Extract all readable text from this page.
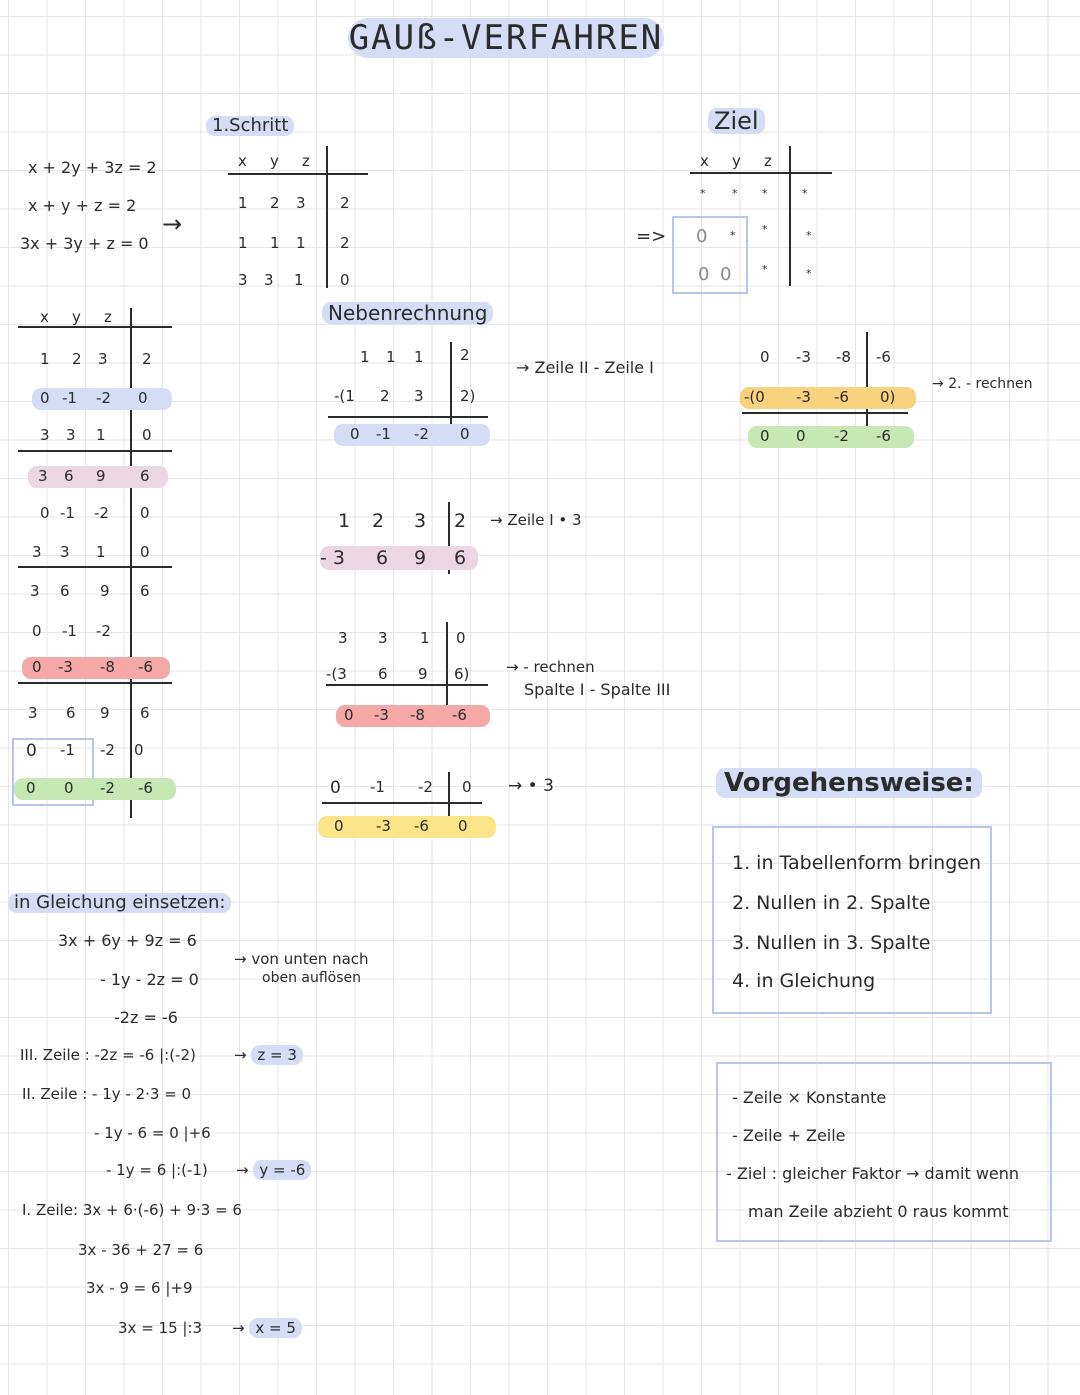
GAUß-VERFAHREN
x + 2y + 3z = 2
x + y + z = 2
3x + 3y + z = 0
→
1.Schritt
x y z
1 2 3 2
1 1 1 2
3 3 1 0
=>
Ziel
x y z
* * *	*
0 * *	*
0 0	*	*
x y z
1 2 3 2
0 -1 -2 0
3 3 1 0
3 6 9 6
0 -1 -2 0
3 3 1 0
3 6 9 6
0 -1 -2
0 -3 -8 -6
3 6 9 6
0 -1 -2 0
0 0 -2 -6
Nebenrechnung
1 1 1 2
-(1 2 3 2)
0 -1 -2 0
→ Zeile II - Zeile I
1 2 3 2
- 3 6 9 6
→ Zeile I • 3
3 3 1 0
-(3 6 9 6)
0 -3 -8 -6
→ - rechnen
Spalte I - Spalte III
0 -1 -2 0
0 -3 -6 0
→ • 3
0 -3 -8 -6
-(0 -3 -6 0)
0 0 -2 -6
→ 2. - rechnen
Vorgehensweise:
1. in Tabellenform bringen
2. Nullen in 2. Spalte
3. Nullen in 3. Spalte
4. in Gleichung
- Zeile × Konstante
- Zeile + Zeile
- Ziel : gleicher Faktor → damit wenn
man Zeile abzieht 0 raus kommt
in Gleichung einsetzen:
3x + 6y + 9z = 6
- 1y - 2z = 0
-2z = -6
→ von unten nach
oben auflösen
III. Zeile : -2z = -6 |:(-2)	→ z = 3
II. Zeile : - 1y - 2·3 = 0
- 1y - 6 = 0 |+6
- 1y = 6 |:(-1) → y = -6
I. Zeile: 3x + 6·(-6) + 9·3 = 6
3x - 36 + 27 = 6
3x - 9 = 6 |+9
3x = 15 |:3 → x = 5
